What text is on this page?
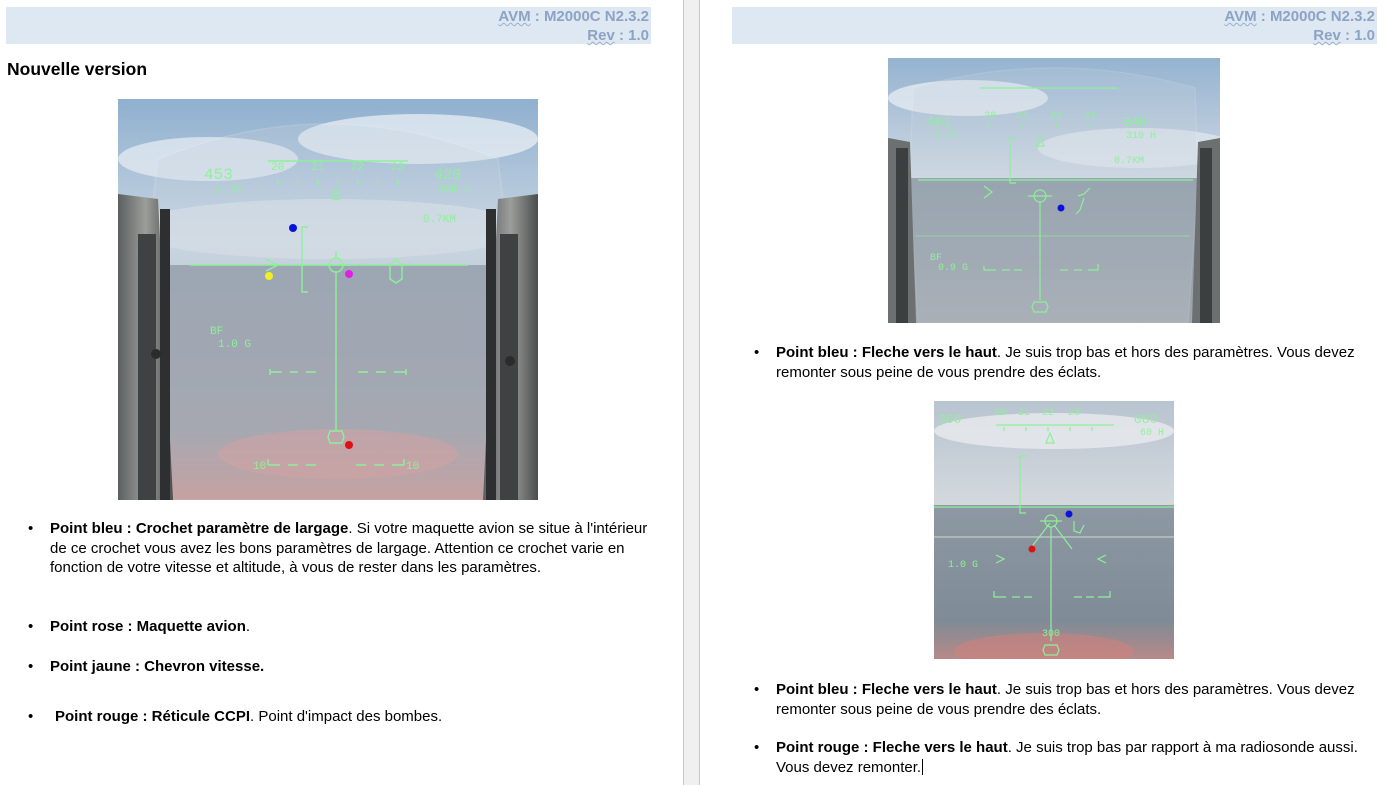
AVM : M2000C N2.3.2
Rev : 1.0
Nouvelle version
453
0.70
420
390 H
0.7KM
20 21 22 23
BF
1.0 G
10	10
• Point bleu : Crochet paramètre de largage. Si votre maquette avion se situe à l'intérieur de ce crochet vous avez les bons paramètres de largage. Attention ce crochet varie en fonction de votre vitesse et altitude, à vous de rester dans les paramètres.
• Point rose : Maquette avion.
• Point jaune : Chevron vitesse.
• Point rouge : Réticule CCPI. Point d'impact des bombes.
AVM : M2000C N2.3.2
Rev : 1.0
461
0.71
340
310 H
0.7KM
20 21 22 23
BF
0.9 G
• Point bleu : Fleche vers le haut. Je suis trop bas et hors des paramètres. Vous devez remonter sous peine de vous prendre des éclats.
360	080
60 H
20 21 22 23
1.0 G
300
• Point bleu : Fleche vers le haut. Je suis trop bas et hors des paramètres. Vous devez remonter sous peine de vous prendre des éclats.
• Point rouge : Fleche vers le haut. Je suis trop bas par rapport à ma radiosonde aussi. Vous devez remonter.
